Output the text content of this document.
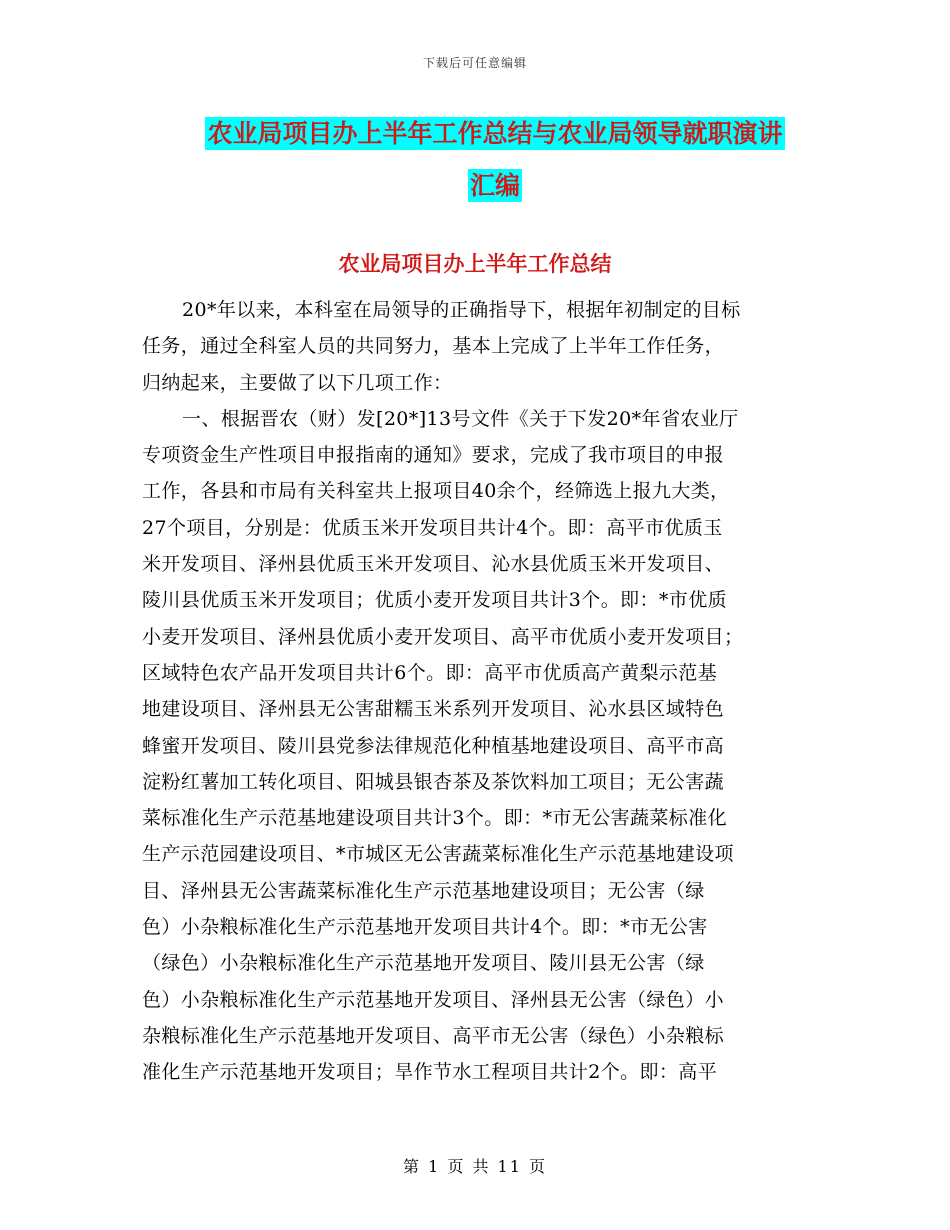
下载后可任意编辑
农业局项目办上半年工作总结与农业局领导就职演讲
汇编
农业局项目办上半年工作总结
20*年以来，本科室在局领导的正确指导下，根据年初制定的目标
任务，通过全科室人员的共同努力，基本上完成了上半年工作任务，
归纳起来，主要做了以下几项工作：
一、根据晋农（财）发[20*]13号文件《关于下发20*年省农业厅
专项资金生产性项目申报指南的通知》要求，完成了我市项目的申报
工作，各县和市局有关科室共上报项目40余个，经筛选上报九大类，
27个项目，分别是：优质玉米开发项目共计4个。即：高平市优质玉
米开发项目、泽州县优质玉米开发项目、沁水县优质玉米开发项目、
陵川县优质玉米开发项目；优质小麦开发项目共计3个。即：*市优质
小麦开发项目、泽州县优质小麦开发项目、高平市优质小麦开发项目；
区域特色农产品开发项目共计6个。即：高平市优质高产黄梨示范基
地建设项目、泽州县无公害甜糯玉米系列开发项目、沁水县区域特色
蜂蜜开发项目、陵川县党参法律规范化种植基地建设项目、高平市高
淀粉红薯加工转化项目、阳城县银杏茶及茶饮料加工项目；无公害蔬
菜标准化生产示范基地建设项目共计3个。即：*市无公害蔬菜标准化
生产示范园建设项目、*市城区无公害蔬菜标准化生产示范基地建设项
目、泽州县无公害蔬菜标准化生产示范基地建设项目；无公害（绿
色）小杂粮标准化生产示范基地开发项目共计4个。即：*市无公害
（绿色）小杂粮标准化生产示范基地开发项目、陵川县无公害（绿
色）小杂粮标准化生产示范基地开发项目、泽州县无公害（绿色）小
杂粮标准化生产示范基地开发项目、高平市无公害（绿色）小杂粮标
准化生产示范基地开发项目；旱作节水工程项目共计2个。即：高平
第 1 页 共 11 页
